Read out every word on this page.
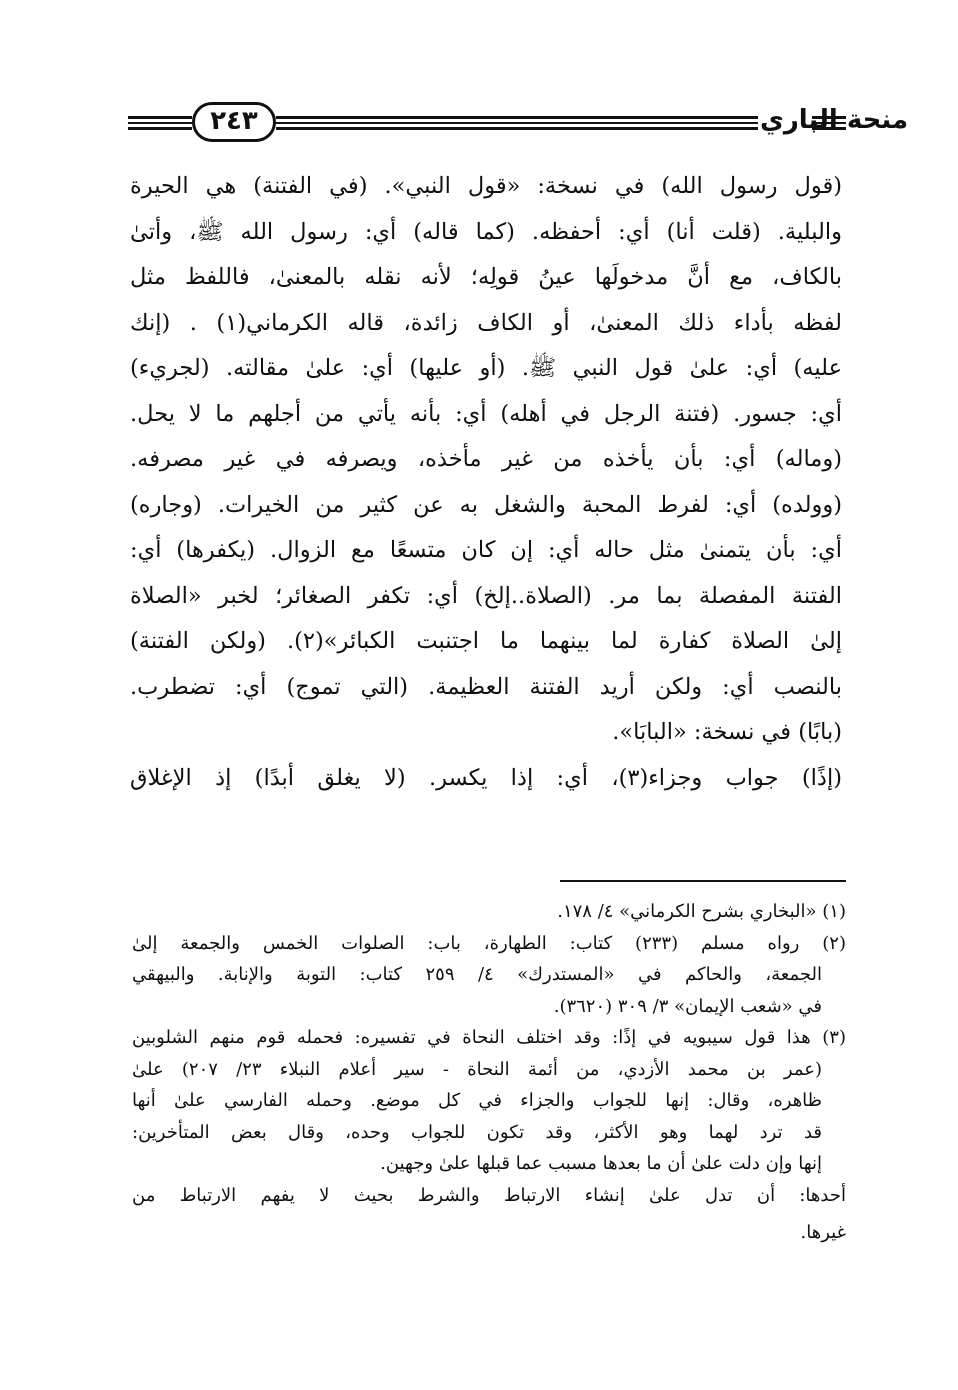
٢٤٣	منحة الباري
(قول رسول الله) في نسخة: «قول النبي». (في الفتنة) هي الحيرة
والبلية. (قلت أنا) أي: أحفظه. (كما قاله) أي: رسول الله ﷺ، وأتىٰ
بالكاف، مع أنَّ مدخولَها عينُ قولِه؛ لأنه نقله بالمعنىٰ، فاللفظ مثل
لفظه بأداء ذلك المعنىٰ، أو الكاف زائدة، قاله الكرماني(١) . (إنك
عليه) أي: علىٰ قول النبي ﷺ. (أو عليها) أي: علىٰ مقالته. (لجريء)
أي: جسور. (فتنة الرجل في أهله) أي: بأنه يأتي من أجلهم ما لا يحل.
(وماله) أي: بأن يأخذه من غير مأخذه، ويصرفه في غير مصرفه.
(وولده) أي: لفرط المحبة والشغل به عن كثير من الخيرات. (وجاره)
أي: بأن يتمنىٰ مثل حاله أي: إن كان متسعًا مع الزوال. (يكفرها) أي:
الفتنة المفصلة بما مر. (الصلاة..إلخ) أي: تكفر الصغائر؛ لخبر «الصلاة
إلىٰ الصلاة كفارة لما بينهما ما اجتنبت الكبائر»(٢). (ولكن الفتنة)
بالنصب أي: ولكن أريد الفتنة العظيمة. (التي تموج) أي: تضطرب.
(بابًا) في نسخة: «البابَا».
(إذًا) جواب وجزاء(٣)، أي: إذا يكسر. (لا يغلق أبدًا) إذ الإغلاق
(١) «البخاري بشرح الكرماني» ٤/ ١٧٨.
(٢) رواه مسلم (٢٣٣) كتاب: الطهارة، باب: الصلوات الخمس والجمعة إلىٰ
الجمعة، والحاكم في «المستدرك» ٤/ ٢٥٩ كتاب: التوبة والإنابة. والبيهقي
في «شعب الإيمان» ٣/ ٣٠٩ (٣٦٢٠).
(٣) هذا قول سيبويه في إذًا: وقد اختلف النحاة في تفسيره: فحمله قوم منهم الشلوبين
(عمر بن محمد الأزدي، من أئمة النحاة - سير أعلام النبلاء ٢٣/ ٢٠٧) علىٰ
ظاهره، وقال: إنها للجواب والجزاء في كل موضع. وحمله الفارسي علىٰ أنها
قد ترد لهما وهو الأكثر، وقد تكون للجواب وحده، وقال بعض المتأخرين:
إنها وإن دلت علىٰ أن ما بعدها مسبب عما قبلها علىٰ وجهين.
أحدها: أن تدل علىٰ إنشاء الارتباط والشرط بحيث لا يفهم الارتباط من
غيرها.
